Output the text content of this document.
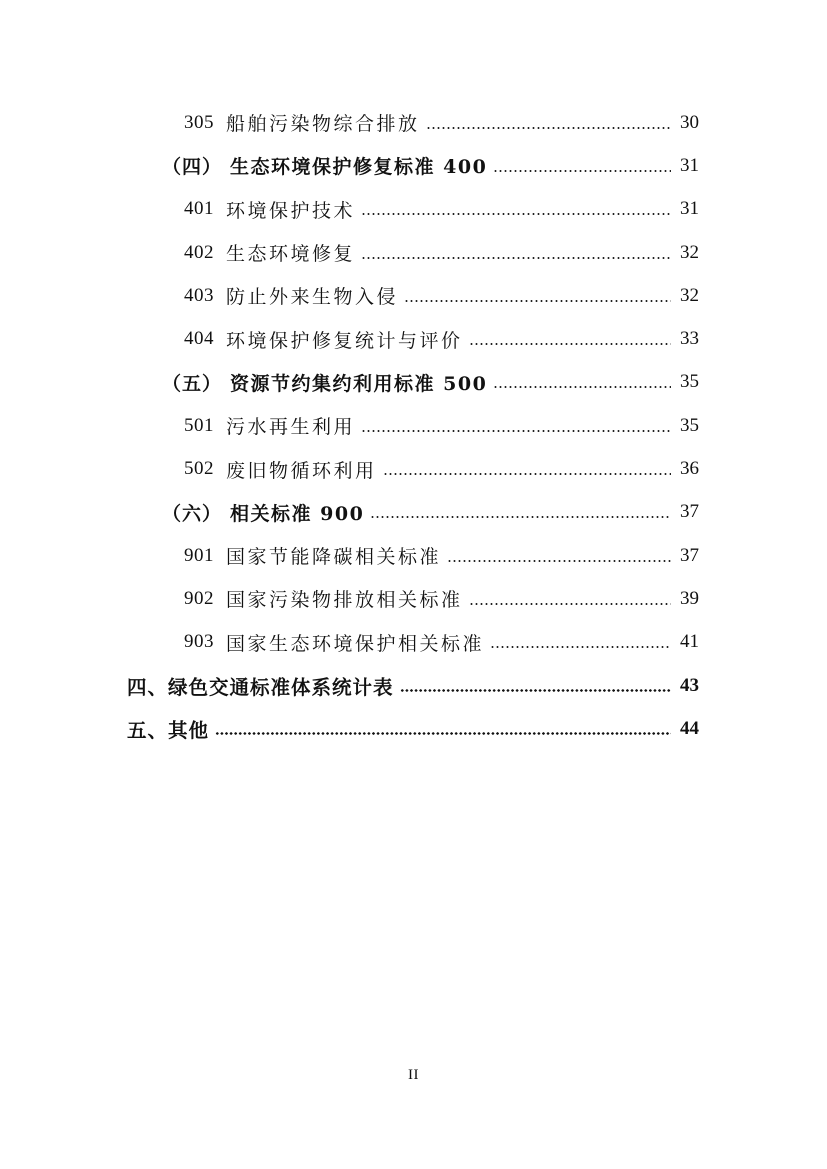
305 船舶污染物综合排放	30
（四） 生态环境保护修复标准 400	31
401 环境保护技术	31
402 生态环境修复	32
403 防止外来生物入侵	32
404 环境保护修复统计与评价	33
（五） 资源节约集约利用标准 500	35
501 污水再生利用	35
502 废旧物循环利用	36
（六） 相关标准 900	37
901 国家节能降碳相关标准	37
902 国家污染物排放相关标准	39
903 国家生态环境保护相关标准	41
四、绿色交通标准体系统计表	43
五、其他	44
II
